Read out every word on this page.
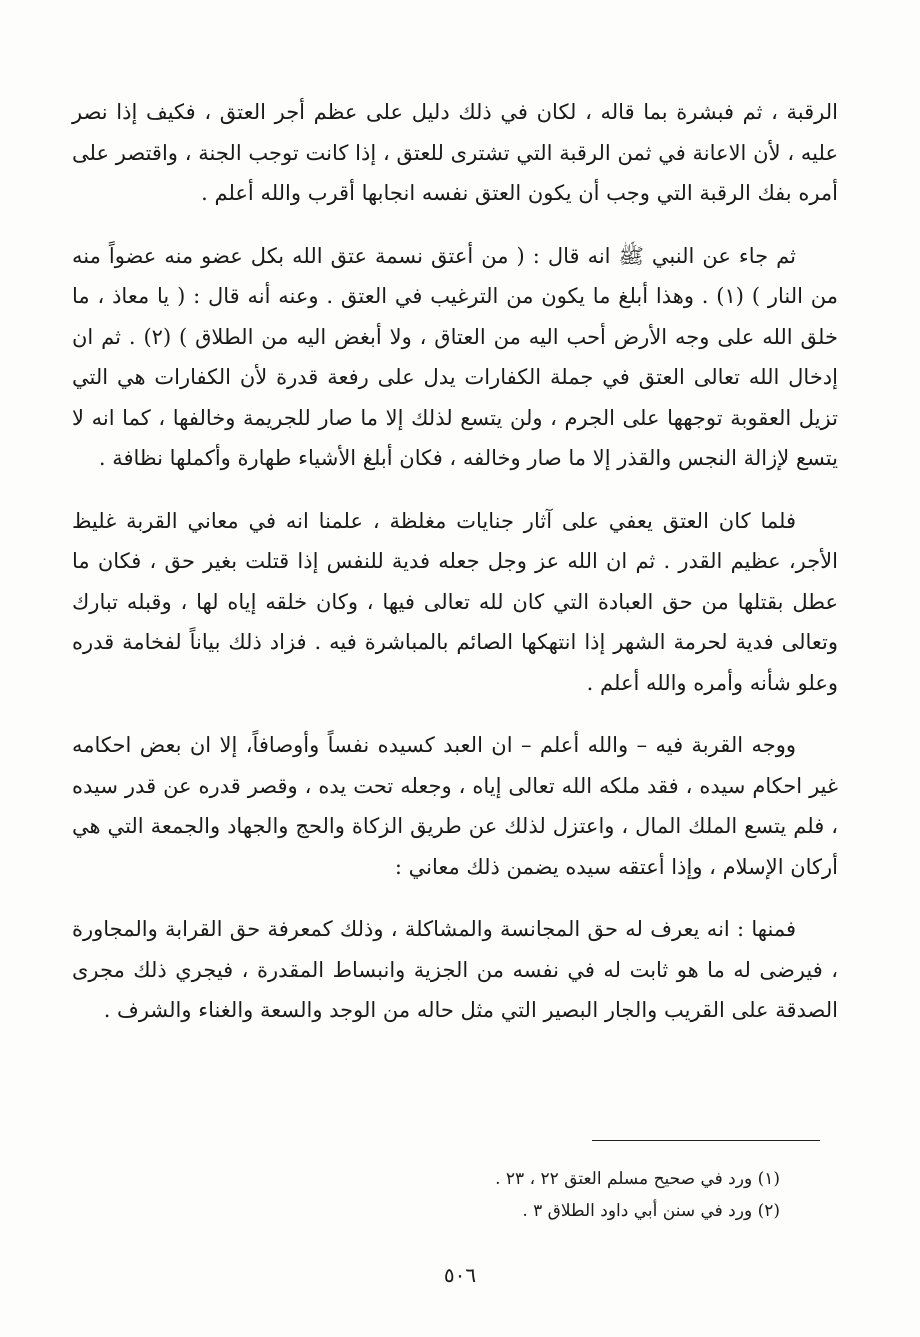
الرقبة ، ثم فبشرة بما قاله ، لكان في ذلك دليل على عظم أجر العتق ، فكيف إذا نصر عليه ، لأن الاعانة في ثمن الرقبة التي تشترى للعتق ، إذا كانت توجب الجنة ، واقتصر على أمره بفك الرقبة التي وجب أن يكون العتق نفسه انجابها أقرب والله أعلم .

ثم جاء عن النبي ﷺ انه قال : ( من أعتق نسمة عتق الله بكل عضو منه عضواً منه من النار ) (١) . وهذا أبلغ ما يكون من الترغيب في العتق . وعنه أنه قال : ( يا معاذ ، ما خلق الله على وجه الأرض أحب اليه من العتاق ، ولا أبغض اليه من الطلاق ) (٢) . ثم ان إدخال الله تعالى العتق في جملة الكفارات يدل على رفعة قدرة لأن الكفارات هي التي تزيل العقوبة توجهها على الجرم ، ولن يتسع لذلك إلا ما صار للجريمة وخالفها ، كما انه لا يتسع لإزالة النجس والقذر إلا ما صار وخالفه ، فكان أبلغ الأشياء طهارة وأكملها نظافة .

فلما كان العتق يعفي على آثار جنايات مغلظة ، علمنا انه في معاني القربة غليظ الأجر، عظيم القدر . ثم ان الله عز وجل جعله فدية للنفس إذا قتلت بغير حق ، فكان ما عطل بقتلها من حق العبادة التي كان لله تعالى فيها ، وكان خلقه إياه لها ، وقبله تبارك وتعالى فدية لحرمة الشهر إذا انتهكها الصائم بالمباشرة فيه . فزاد ذلك بياناً لفخامة قدره وعلو شأنه وأمره والله أعلم .

ووجه القربة فيه – والله أعلم – ان العبد كسيده نفساً وأوصافاً، إلا ان بعض احكامه غير احكام سيده ، فقد ملكه الله تعالى إياه ، وجعله تحت يده ، وقصر قدره عن قدر سيده ، فلم يتسع الملك المال ، واعتزل لذلك عن طريق الزكاة والحج والجهاد والجمعة التي هي أركان الإسلام ، وإذا أعتقه سيده يضمن ذلك معاني :

فمنها : انه يعرف له حق المجانسة والمشاكلة ، وذلك كمعرفة حق القرابة والمجاورة ، فيرضى له ما هو ثابت له في نفسه من الجزية وانبساط المقدرة ، فيجري ذلك مجرى الصدقة على القريب والجار البصير التي مثل حاله من الوجد والسعة والغناء والشرف .

(١) ورد في صحيح مسلم العتق ٢٢ ، ٢٣ .

(٢) ورد في سنن أبي داود الطلاق ٣ .

٥٠٦
